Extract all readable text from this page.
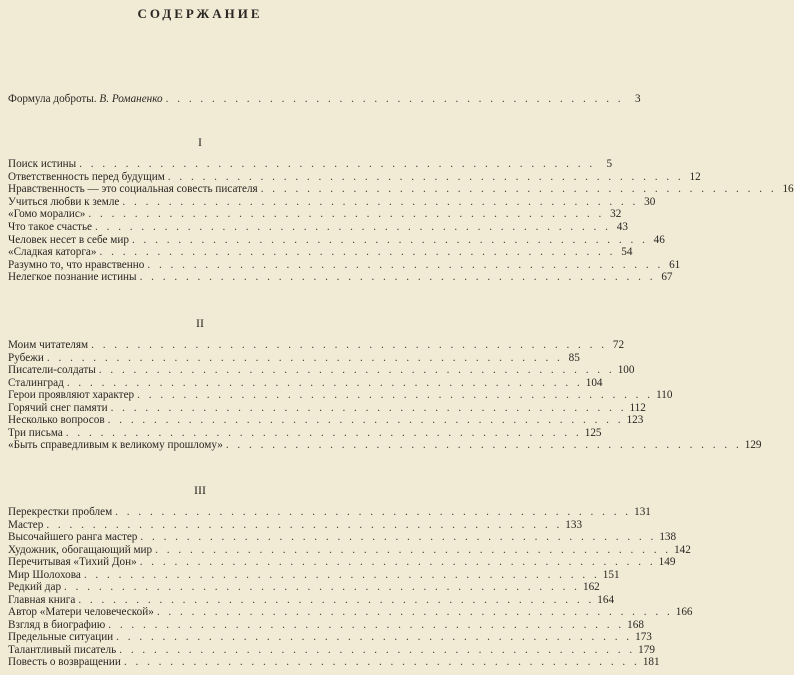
СОДЕРЖАНИЕ
Формула доброты. В. Романенко . . . . . . . . . . . . . . . . . . . . . . . . . . . . . . . . . . . . . . . .	3
I
Поиск истины . . . . . . . . . . . . . . . . . . . . . . . . . . . . . . . . . . . . . . . . . . . . .	5
Ответственность перед будущим . . . . . . . . . . . . . . . . . . . . . . . . . . . . . . . . . . . . . . . . . . . . . 12
Нравственность — это социальная совесть писателя . . . . . . . . . . . . . . . . . . . . . . . . . . . . . . . . . . . . . . . . . . . . . 16
Учиться любви к земле . . . . . . . . . . . . . . . . . . . . . . . . . . . . . . . . . . . . . . . . . . . . . 30
«Гомо моралис» . . . . . . . . . . . . . . . . . . . . . . . . . . . . . . . . . . . . . . . . . . . . . 32
Что такое счастье . . . . . . . . . . . . . . . . . . . . . . . . . . . . . . . . . . . . . . . . . . . . . 43
Человек несет в себе мир . . . . . . . . . . . . . . . . . . . . . . . . . . . . . . . . . . . . . . . . . . . . . 46
«Сладкая каторга» . . . . . . . . . . . . . . . . . . . . . . . . . . . . . . . . . . . . . . . . . . . . . 54
Разумно то, что нравственно . . . . . . . . . . . . . . . . . . . . . . . . . . . . . . . . . . . . . . . . . . . . . 61
Нелегкое познание истины . . . . . . . . . . . . . . . . . . . . . . . . . . . . . . . . . . . . . . . . . . . . . 67
II
Моим читателям . . . . . . . . . . . . . . . . . . . . . . . . . . . . . . . . . . . . . . . . . . . . . 72
Рубежи . . . . . . . . . . . . . . . . . . . . . . . . . . . . . . . . . . . . . . . . . . . . . 85
Писатели-солдаты . . . . . . . . . . . . . . . . . . . . . . . . . . . . . . . . . . . . . . . . . . . . . 100
Сталинград . . . . . . . . . . . . . . . . . . . . . . . . . . . . . . . . . . . . . . . . . . . . . 104
Герои проявляют характер . . . . . . . . . . . . . . . . . . . . . . . . . . . . . . . . . . . . . . . . . . . . . 110
Горячий снег памяти . . . . . . . . . . . . . . . . . . . . . . . . . . . . . . . . . . . . . . . . . . . . . 112
Несколько вопросов . . . . . . . . . . . . . . . . . . . . . . . . . . . . . . . . . . . . . . . . . . . . . 123
Три письма . . . . . . . . . . . . . . . . . . . . . . . . . . . . . . . . . . . . . . . . . . . . . 125
«Быть справедливым к великому прошлому» . . . . . . . . . . . . . . . . . . . . . . . . . . . . . . . . . . . . . . . . . . . . . 129
III
Перекрестки проблем . . . . . . . . . . . . . . . . . . . . . . . . . . . . . . . . . . . . . . . . . . . . . 131
Мастер . . . . . . . . . . . . . . . . . . . . . . . . . . . . . . . . . . . . . . . . . . . . . 133
Высочайшего ранга мастер . . . . . . . . . . . . . . . . . . . . . . . . . . . . . . . . . . . . . . . . . . . . . 138
Художник, обогащающий мир . . . . . . . . . . . . . . . . . . . . . . . . . . . . . . . . . . . . . . . . . . . . . 142
Перечитывая «Тихий Дон» . . . . . . . . . . . . . . . . . . . . . . . . . . . . . . . . . . . . . . . . . . . . . 149
Мир Шолохова . . . . . . . . . . . . . . . . . . . . . . . . . . . . . . . . . . . . . . . . . . . . . 151
Редкий дар . . . . . . . . . . . . . . . . . . . . . . . . . . . . . . . . . . . . . . . . . . . . . 162
Главная книга . . . . . . . . . . . . . . . . . . . . . . . . . . . . . . . . . . . . . . . . . . . . . 164
Автор «Матери человеческой» . . . . . . . . . . . . . . . . . . . . . . . . . . . . . . . . . . . . . . . . . . . . . 166
Взгляд в биографию . . . . . . . . . . . . . . . . . . . . . . . . . . . . . . . . . . . . . . . . . . . . . 168
Предельные ситуации . . . . . . . . . . . . . . . . . . . . . . . . . . . . . . . . . . . . . . . . . . . . . 173
Талантливый писатель . . . . . . . . . . . . . . . . . . . . . . . . . . . . . . . . . . . . . . . . . . . . . 179
Повесть о возвращении . . . . . . . . . . . . . . . . . . . . . . . . . . . . . . . . . . . . . . . . . . . . . 181
